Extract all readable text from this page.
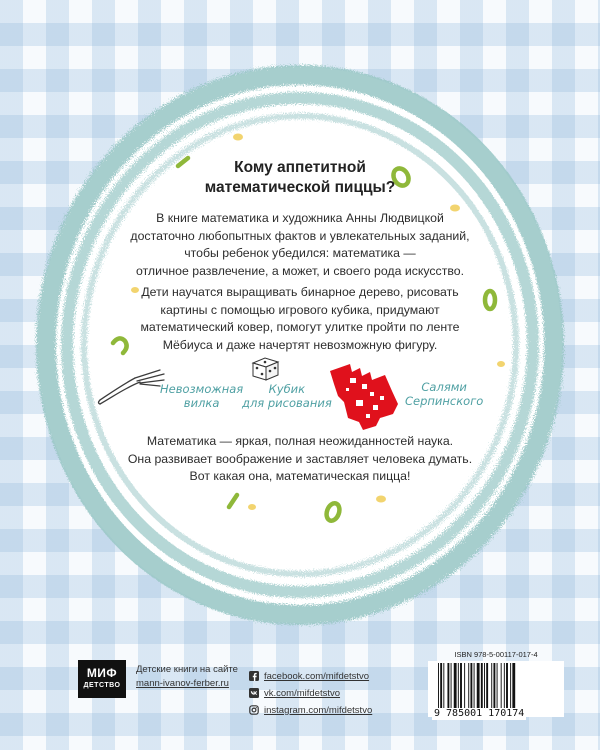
Кому аппетитной
математической пиццы?
В книге математика и художника Анны Людвицкой
достаточно любопытных фактов и увлекательных заданий,
чтобы ребенок убедился: математика —
отличное развлечение, а может, и своего рода искусство.
Дети научатся выращивать бинарное дерево, рисовать
картины с помощью игрового кубика, придумают
математический ковер, помогут улитке пройти по ленте
Мёбиуса и даже начертят невозможную фигуру.
Невозможная
вилка
Кубик
для рисования
Салями
Серпинского
Математика — яркая, полная неожиданностей наука.
Она развивает воображение и заставляет человека думать.
Вот какая она, математическая пицца!
МИФ
ДЕТСТВО
Детские книги на сайте
mann-ivanov-ferber.ru
facebook.com/mifdetstvo
vk.com/mifdetstvo
instagram.com/mifdetstvo
ISBN 978-5-00117-017-4
9 785001 170174
